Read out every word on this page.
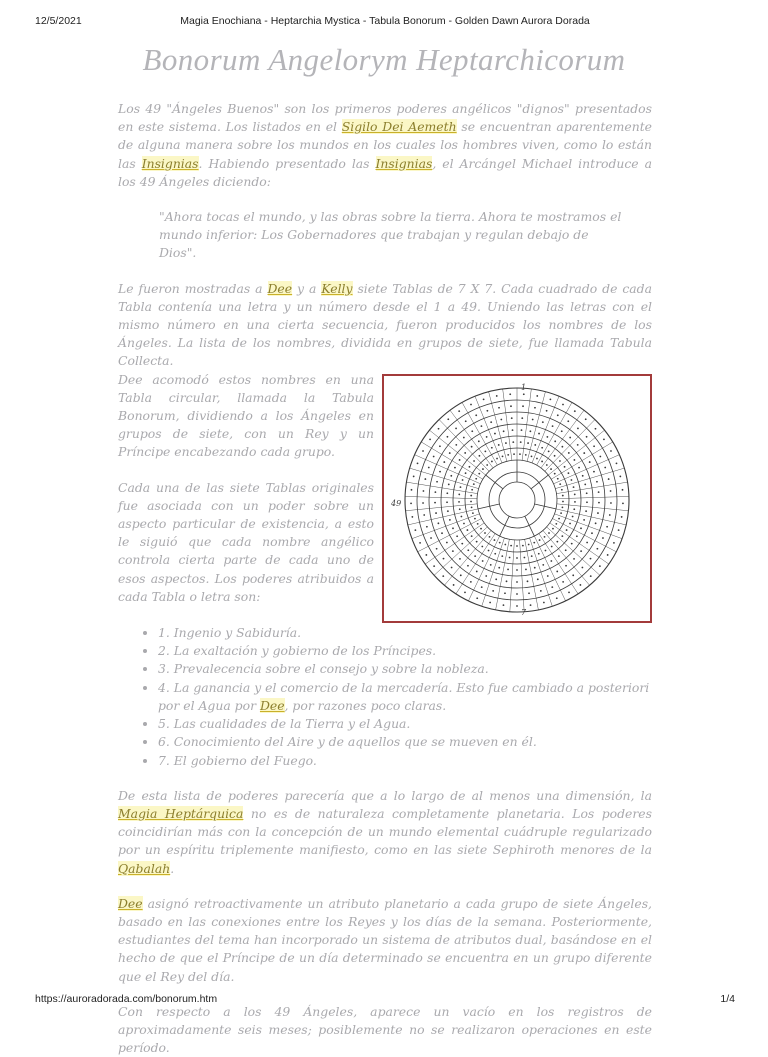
12/5/2021	Magia Enochiana - Heptarchia Mystica - Tabula Bonorum - Golden Dawn Aurora Dorada
Bonorum Angelorym Heptarchicorum

Los 49 "Ángeles Buenos" son los primeros poderes angélicos "dignos" presentados en este sistema. Los listados en el Sigilo Dei Aemeth se encuentran aparentemente de alguna manera sobre los mundos en los cuales los hombres viven, como lo están las Insignias. Habiendo presentado las Insignias, el Arcángel Michael introduce a los 49 Ángeles diciendo:

"Ahora tocas el mundo, y las obras sobre la tierra. Ahora te mostramos el mundo inferior: Los Gobernadores que trabajan y regulan debajo de Dios".

Le fueron mostradas a Dee y a Kelly siete Tablas de 7 X 7. Cada cuadrado de cada Tabla contenía una letra y un número desde el 1 a 49. Uniendo las letras con el mismo número en una cierta secuencia, fueron producidos los nombres de los Ángeles. La lista de los nombres, dividida en grupos de siete, fue llamada Tabula Collecta.

1
49
7

Dee acomodó estos nombres en una Tabla circular, llamada la Tabula Bonorum, dividiendo a los Ángeles en grupos de siete, con un Rey y un Príncipe encabezando cada grupo.

Cada una de las siete Tablas originales fue asociada con un poder sobre un aspecto particular de existencia, a esto le siguió que cada nombre angélico controla cierta parte de cada uno de esos aspectos. Los poderes atribuidos a cada Tabla o letra son:

• 1. Ingenio y Sabiduría.
• 2. La exaltación y gobierno de los Príncipes.
• 3. Prevalecencia sobre el consejo y sobre la nobleza.
• 4. La ganancia y el comercio de la mercadería. Esto fue cambiado a posteriori por el Agua por Dee, por razones poco claras.
• 5. Las cualidades de la Tierra y el Agua.
• 6. Conocimiento del Aire y de aquellos que se mueven en él.
• 7. El gobierno del Fuego.

De esta lista de poderes parecería que a lo largo de al menos una dimensión, la Magia Heptárquica no es de naturaleza completamente planetaria. Los poderes coincidirían más con la concepción de un mundo elemental cuádruple regularizado por un espíritu triplemente manifiesto, como en las siete Sephiroth menores de la Qabalah.

Dee asignó retroactivamente un atributo planetario a cada grupo de siete Ángeles, basado en las conexiones entre los Reyes y los días de la semana. Posteriormente, estudiantes del tema han incorporado un sistema de atributos dual, basándose en el hecho de que el Príncipe de un día determinado se encuentra en un grupo diferente que el Rey del día.

Con respecto a los 49 Ángeles, aparece un vacío en los registros de aproximadamente seis meses; posiblemente no se realizaron operaciones en este período.

https://auroradorada.com/bonorum.htm	1/4
